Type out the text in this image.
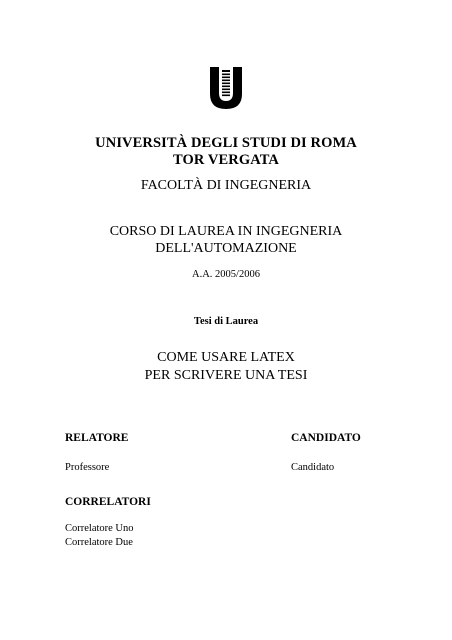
UNIVERSITÀ DEGLI STUDI DI ROMA
TOR VERGATA
FACOLTÀ DI INGEGNERIA
CORSO DI LAUREA IN INGEGNERIA
DELL'AUTOMAZIONE
A.A. 2005/2006
Tesi di Laurea
COME USARE LATEX
PER SCRIVERE UNA TESI
RELATORE
Professore
CANDIDATO
Candidato
CORRELATORI
Correlatore Uno
Correlatore Due
